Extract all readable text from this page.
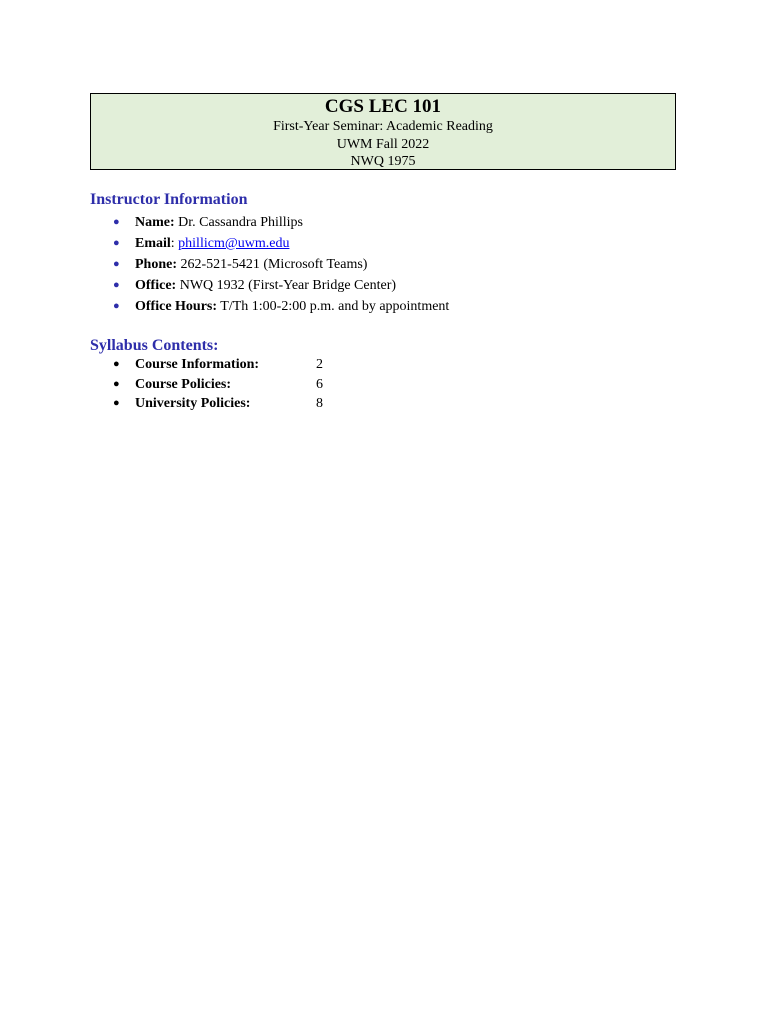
CGS LEC 101

First-Year Seminar: Academic Reading

UWM Fall 2022

NWQ 1975

Instructor Information
● Name: Dr. Cassandra Phillips
● Email: phillicm@uwm.edu
● Phone: 262-521-5421 (Microsoft Teams)
● Office: NWQ 1932 (First-Year Bridge Center)
● Office Hours: T/Th 1:00-2:00 p.m. and by appointment
Syllabus Contents:
● Course Information:	2
● Course Policies:	6
● University Policies:	8
